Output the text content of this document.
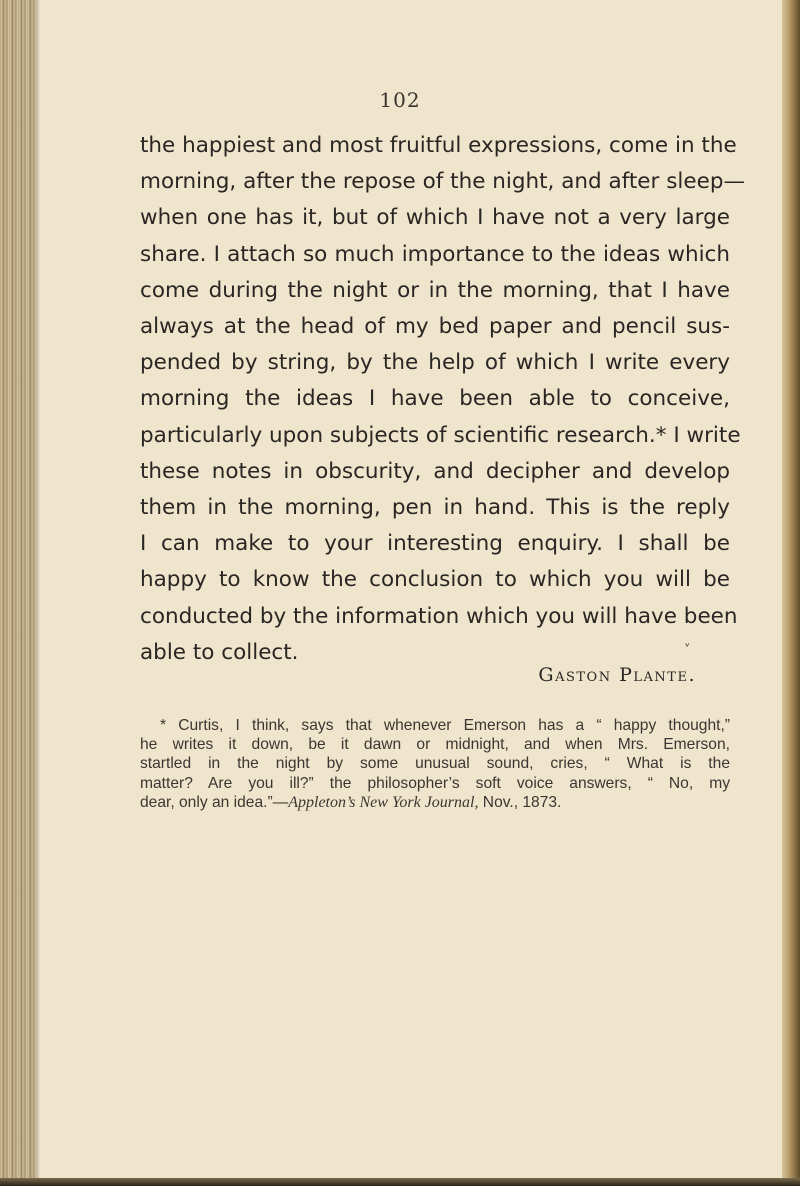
102
the happiest and most fruitful expressions, come in the
morning, after the repose of the night, and after sleep—
when one has it, but of which I have not a very large
share. I attach so much importance to the ideas which
come during the night or in the morning, that I have
always at the head of my bed paper and pencil sus-
pended by string, by the help of which I write every
morning the ideas I have been able to conceive,
particularly upon subjects of scientific research.* I write
these notes in obscurity, and decipher and develop
them in the morning, pen in hand. This is the reply
I can make to your interesting enquiry. I shall be
happy to know the conclusion to which you will be
conducted by the information which you will have been
able to collect.	˅
Gaston Plante.
* Curtis, I think, says that whenever Emerson has a “ happy thought,”
he writes it down, be it dawn or midnight, and when Mrs. Emerson,
startled in the night by some unusual sound, cries, “ What is the
matter? Are you ill?” the philosopher’s soft voice answers, “ No, my
dear, only an idea.”—Appleton’s New York Journal, Nov., 1873.
